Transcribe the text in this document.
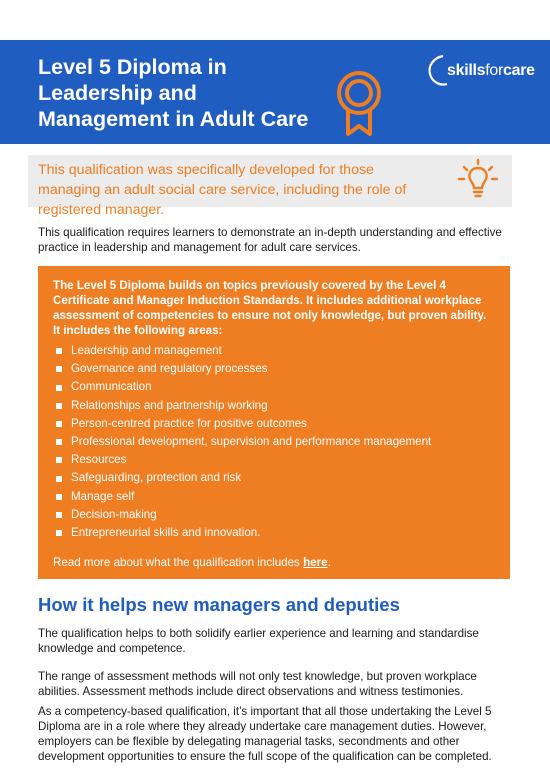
Level 5 Diploma in
Leadership and
Management in Adult Care
skillsforcare

This qualification was specifically developed for those managing an adult social care service, including the role of registered manager.

This qualification requires learners to demonstrate an in-depth understanding and effective practice in leadership and management for adult care services.

The Level 5 Diploma builds on topics previously covered by the Level 4 Certificate and Manager Induction Standards. It includes additional workplace assessment of competencies to ensure not only knowledge, but proven ability. It includes the following areas:

Leadership and management
Governance and regulatory processes
Communication
Relationships and partnership working
Person-centred practice for positive outcomes
Professional development, supervision and performance management
Resources
Safeguarding, protection and risk
Manage self
Decision-making
Entrepreneurial skills and innovation.

Read more about what the qualification includes here.

How it helps new managers and deputies

The qualification helps to both solidify earlier experience and learning and standardise knowledge and competence.

The range of assessment methods will not only test knowledge, but proven workplace abilities. Assessment methods include direct observations and witness testimonies.

As a competency-based qualification, it’s important that all those undertaking the Level 5 Diploma are in a role where they already undertake care management duties. However, employers can be flexible by delegating managerial tasks, secondments and other development opportunities to ensure the full scope of the qualification can be completed.
